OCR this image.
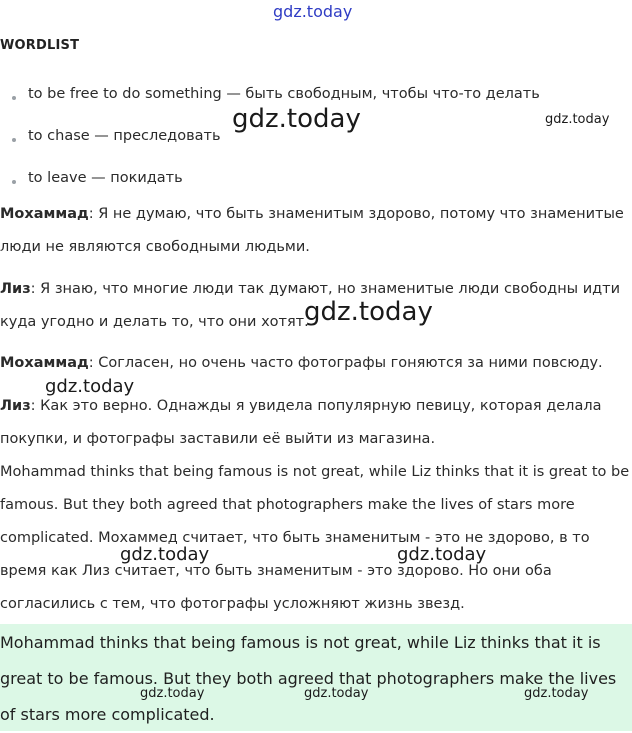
gdz.today
WORDLIST
to be free to do something — быть свободным, чтобы что-то делать
to chase — преследовать
to leave — покидать
gdz.today	gdz.today

Мохаммад: Я не думаю, что быть знаменитым здорово, потому что знаменитые люди не являются свободными людьми.

Лиз: Я знаю, что многие люди так думают, но знаменитые люди свободны идти куда угодно и делать то, что они хотят.

gdz.today

Мохаммад: Согласен, но очень часто фотографы гоняются за ними повсюду.

gdz.today

Лиз: Как это верно. Однажды я увидела популярную певицу, которая делала покупки, и фотографы заставили её выйти из магазина.

Mohammad thinks that being famous is not great, while Liz thinks that it is great to be famous. But they both agreed that photographers make the lives of stars more complicated. Мохаммед считает, что быть знаменитым - это не здорово, в то время как Лиз считает, что быть знаменитым - это здорово. Но они оба согласились с тем, что фотографы усложняют жизнь звезд.

gdz.today	gdz.today

Mohammad thinks that being famous is not great, while Liz thinks that it is great to be famous. But they both agreed that photographers make the lives of stars more complicated.

gdz.today	gdz.today	gdz.today
